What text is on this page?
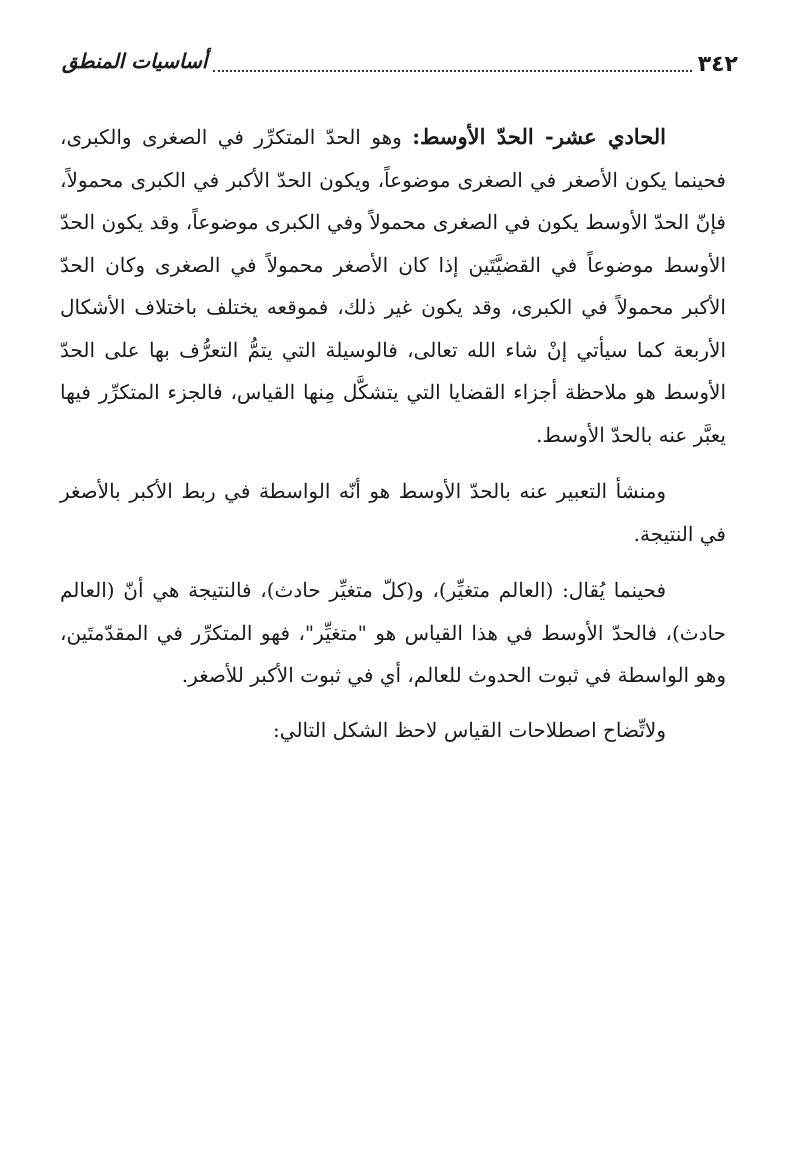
٣٤٢
أساسيات المنطق

الحادي عشر- الحدّ الأوسط: وهو الحدّ المتكرِّر في الصغرى والكبرى، فحينما يكون الأصغر في الصغرى موضوعاً، ويكون الحدّ الأكبر في الكبرى محمولاً، فإنّ الحدّ الأوسط يكون في الصغرى محمولاً وفي الكبرى موضوعاً، وقد يكون الحدّ الأوسط موضوعاً في القضيَّتَين إذا كان الأصغر محمولاً في الصغرى وكان الحدّ الأكبر محمولاً في الكبرى، وقد يكون غير ذلك، فموقعه يختلف باختلاف الأشكال الأربعة كما سيأتي إنْ شاء الله تعالى، فالوسيلة التي يتمُّ التعرُّف بها على الحدّ الأوسط هو ملاحظة أجزاء القضايا التي يتشكَّل مِنها القياس، فالجزء المتكرِّر فيها يعبَّر عنه بالحدّ الأوسط.

ومنشأ التعبير عنه بالحدّ الأوسط هو أنّه الواسطة في ربط الأكبر بالأصغر في النتيجة.

فحينما يُقال: (العالم متغيِّر)، و(كلّ متغيِّر حادث)، فالنتيجة هي أنّ (العالم حادث)، فالحدّ الأوسط في هذا القياس هو "متغيِّر"، فهو المتكرِّر في المقدّمتَين، وهو الواسطة في ثبوت الحدوث للعالم، أي في ثبوت الأكبر للأصغر.

ولاتِّضاح اصطلاحات القياس لاحظ الشكل التالي:
